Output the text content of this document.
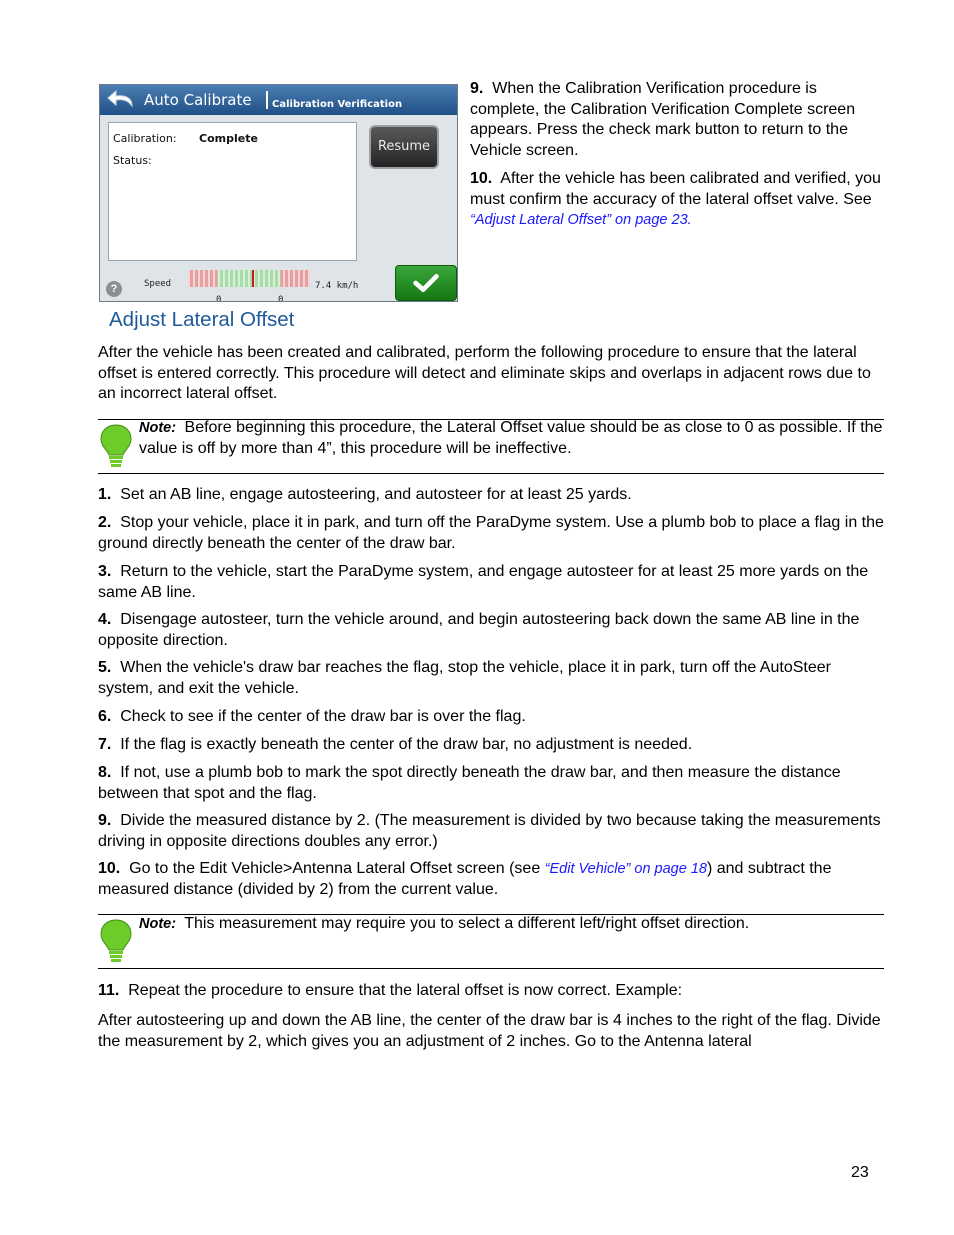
Auto Calibrate Calibration Verification
Calibration: Complete
Status:
Resume
?	Speed	7.4 km/h
0	0
9. When the Calibration Verification procedure is complete, the Calibration Verification Complete screen appears. Press the check mark button to return to the Vehicle screen.
10. After the vehicle has been calibrated and verified, you must confirm the accuracy of the lateral offset valve. See “Adjust Lateral Offset” on page 23.
Adjust Lateral Offset
After the vehicle has been created and calibrated, perform the following procedure to ensure that the lateral offset is entered correctly. This procedure will detect and eliminate skips and overlaps in adjacent rows due to an incorrect lateral offset.
Note: Before beginning this procedure, the Lateral Offset value should be as close to 0 as possible. If the value is off by more than 4”, this procedure will be ineffective.
1. Set an AB line, engage autosteering, and autosteer for at least 25 yards.
2. Stop your vehicle, place it in park, and turn off the ParaDyme system. Use a plumb bob to place a flag in the ground directly beneath the center of the draw bar.
3. Return to the vehicle, start the ParaDyme system, and engage autosteer for at least 25 more yards on the same AB line.
4. Disengage autosteer, turn the vehicle around, and begin autosteering back down the same AB line in the opposite direction.
5. When the vehicle's draw bar reaches the flag, stop the vehicle, place it in park, turn off the AutoSteer system, and exit the vehicle.
6. Check to see if the center of the draw bar is over the flag.
7. If the flag is exactly beneath the center of the draw bar, no adjustment is needed.
8. If not, use a plumb bob to mark the spot directly beneath the draw bar, and then measure the distance between that spot and the flag.
9. Divide the measured distance by 2. (The measurement is divided by two because taking the measurements driving in opposite directions doubles any error.)
10. Go to the Edit Vehicle>Antenna Lateral Offset screen (see “Edit Vehicle” on page 18) and subtract the measured distance (divided by 2) from the current value.
Note: This measurement may require you to select a different left/right offset direction.
11. Repeat the procedure to ensure that the lateral offset is now correct. Example:
After autosteering up and down the AB line, the center of the draw bar is 4 inches to the right of the flag. Divide the measurement by 2, which gives you an adjustment of 2 inches. Go to the Antenna lateral
23
